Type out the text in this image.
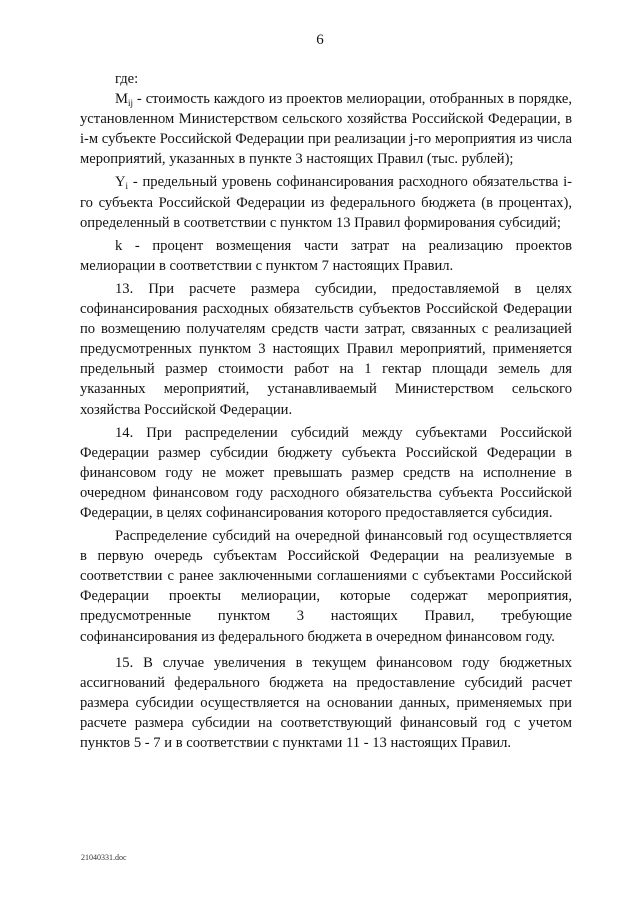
6

где:

$M_{ij}$ - стоимость каждого из проектов мелиорации, отобранных в порядке, установленном Министерством сельского хозяйства Российской Федерации, в i-м субъекте Российской Федерации при реализации j-го мероприятия из числа мероприятий, указанных в пункте 3 настоящих Правил (тыс. рублей);

$Y_i$ - предельный уровень софинансирования расходного обязательства i-го субъекта Российской Федерации из федерального бюджета (в процентах), определенный в соответствии с пунктом 13 Правил формирования субсидий;

k - процент возмещения части затрат на реализацию проектов мелиорации в соответствии с пунктом 7 настоящих Правил.

13. При расчете размера субсидии, предоставляемой в целях софинансирования расходных обязательств субъектов Российской Федерации по возмещению получателям средств части затрат, связанных с реализацией предусмотренных пунктом 3 настоящих Правил мероприятий, применяется предельный размер стоимости работ на 1 гектар площади земель для указанных мероприятий, устанавливаемый Министерством сельского хозяйства Российской Федерации.

14. При распределении субсидий между субъектами Российской Федерации размер субсидии бюджету субъекта Российской Федерации в финансовом году не может превышать размер средств на исполнение в очередном финансовом году расходного обязательства субъекта Российской Федерации, в целях софинансирования которого предоставляется субсидия.

Распределение субсидий на очередной финансовый год осуществляется в первую очередь субъектам Российской Федерации на реализуемые в соответствии с ранее заключенными соглашениями с субъектами Российской Федерации проекты мелиорации, которые содержат мероприятия, предусмотренные пунктом 3 настоящих Правил, требующие софинансирования из федерального бюджета в очередном финансовом году.

15. В случае увеличения в текущем финансовом году бюджетных ассигнований федерального бюджета на предоставление субсидий расчет размера субсидии осуществляется на основании данных, применяемых при расчете размера субсидии на соответствующий финансовый год с учетом пунктов 5 - 7 и в соответствии с пунктами 11 - 13 настоящих Правил.

21040331.doc
